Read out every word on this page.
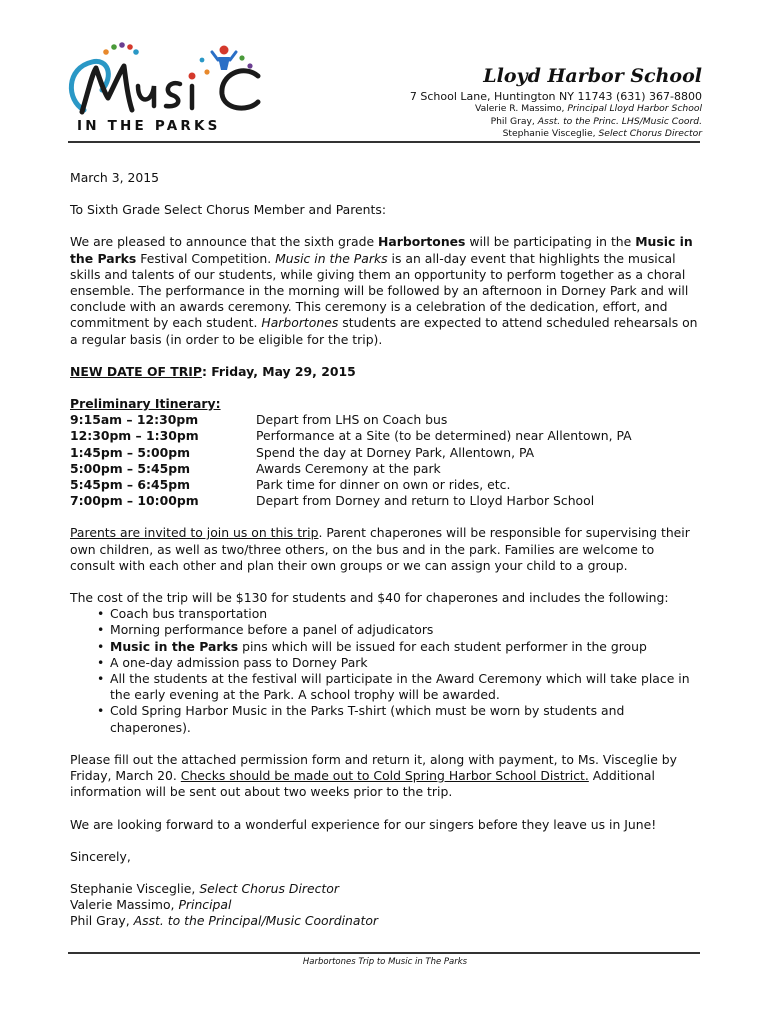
IN THE PARKS
Lloyd Harbor School
7 School Lane, Huntington NY 11743 (631) 367-8800
Valerie R. Massimo, Principal Lloyd Harbor School
Phil Gray, Asst. to the Princ. LHS/Music Coord.
Stephanie Visceglie, Select Chorus Director

March 3, 2015

To Sixth Grade Select Chorus Member and Parents:

We are pleased to announce that the sixth grade Harbortones will be participating in the Music in the Parks Festival Competition. Music in the Parks is an all-day event that highlights the musical skills and talents of our students, while giving them an opportunity to perform together as a choral ensemble. The performance in the morning will be followed by an afternoon in Dorney Park and will conclude with an awards ceremony. This ceremony is a celebration of the dedication, effort, and commitment by each student. Harbortones students are expected to attend scheduled rehearsals on a regular basis (in order to be eligible for the trip).

NEW DATE OF TRIP: Friday, May 29, 2015

Preliminary Itinerary:

9:15am – 12:30pm	Depart from LHS on Coach bus
12:30pm – 1:30pm	Performance at a Site (to be determined) near Allentown, PA
1:45pm – 5:00pm	Spend the day at Dorney Park, Allentown, PA
5:00pm – 5:45pm	Awards Ceremony at the park
5:45pm – 6:45pm	Park time for dinner on own or rides, etc.
7:00pm – 10:00pm	Depart from Dorney and return to Lloyd Harbor School

Parents are invited to join us on this trip. Parent chaperones will be responsible for supervising their own children, as well as two/three others, on the bus and in the park. Families are welcome to consult with each other and plan their own groups or we can assign your child to a group.

The cost of the trip will be $130 for students and $40 for chaperones and includes the following:

• Coach bus transportation
• Morning performance before a panel of adjudicators
• Music in the Parks pins which will be issued for each student performer in the group
• A one-day admission pass to Dorney Park
• All the students at the festival will participate in the Award Ceremony which will take place in the early evening at the Park. A school trophy will be awarded.
• Cold Spring Harbor Music in the Parks T-shirt (which must be worn by students and chaperones).

Please fill out the attached permission form and return it, along with payment, to Ms. Visceglie by Friday, March 20. Checks should be made out to Cold Spring Harbor School District. Additional information will be sent out about two weeks prior to the trip.

We are looking forward to a wonderful experience for our singers before they leave us in June!

Sincerely,

Stephanie Visceglie, Select Chorus Director

Valerie Massimo, Principal

Phil Gray, Asst. to the Principal/Music Coordinator

Harbortones Trip to Music in The Parks
